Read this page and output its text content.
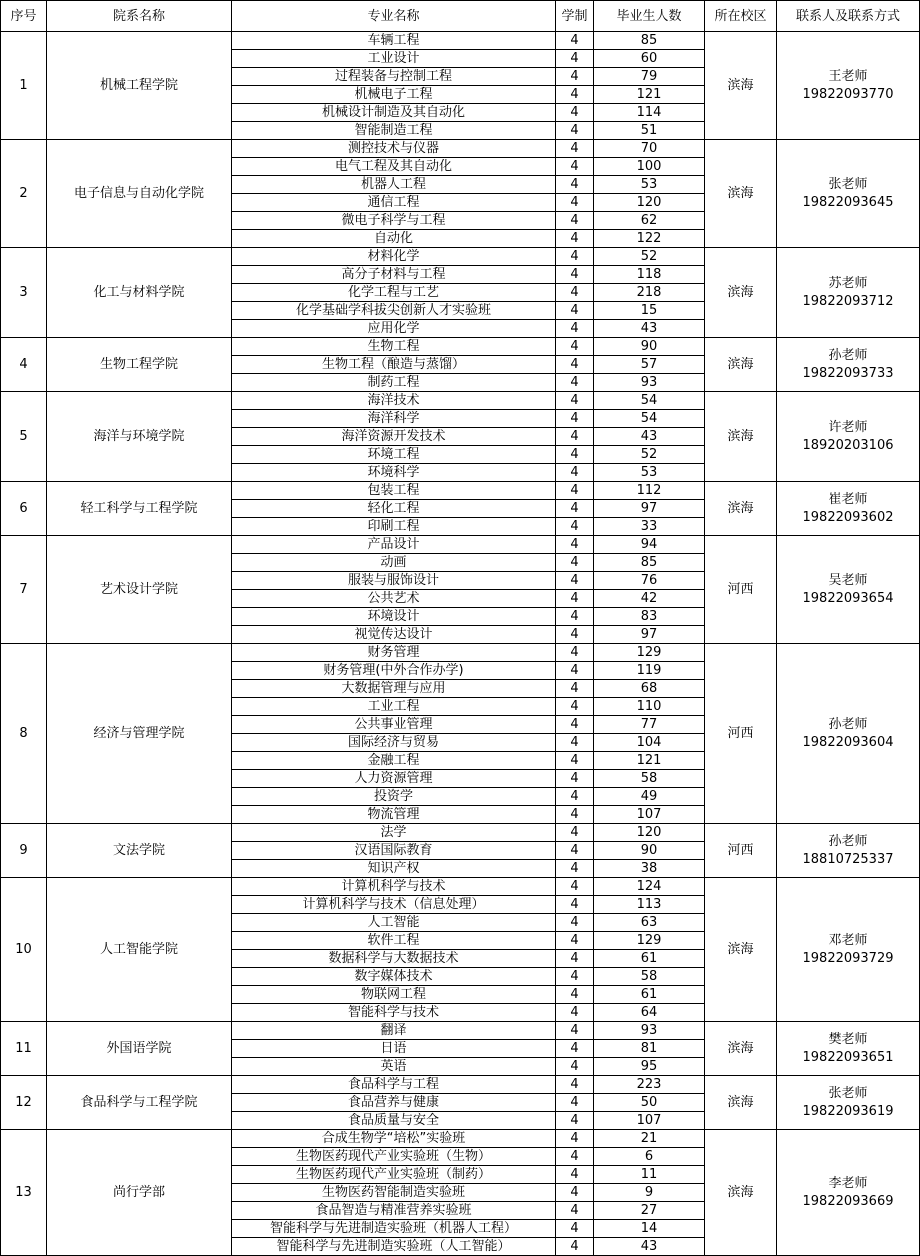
序号	院系名称	专业名称	学制	毕业生人数	所在校区	联系人及联系方式
1	机械工程学院	车辆工程	4	85	滨海	王老师
19822093770

		工业设计	4	60		
		过程装备与控制工程	4	79		
		机械电子工程	4	121		
		机械设计制造及其自动化	4	114		
		智能制造工程	4	51		
2	电子信息与自动化学院	测控技术与仪器	4	70	滨海	张老师
19822093645

		电气工程及其自动化	4	100		
		机器人工程	4	53		
		通信工程	4	120		
		微电子科学与工程	4	62		
		自动化	4	122		
3	化工与材料学院	材料化学	4	52	滨海	苏老师
19822093712

		高分子材料与工程	4	118		
		化学工程与工艺	4	218		
		化学基础学科拔尖创新人才实验班	4	15		
		应用化学	4	43		
4	生物工程学院	生物工程	4	90	滨海	孙老师
19822093733

		生物工程（酿造与蒸馏）	4	57		
		制药工程	4	93		
5	海洋与环境学院	海洋技术	4	54	滨海	许老师
18920203106

		海洋科学	4	54		
		海洋资源开发技术	4	43		
		环境工程	4	52		
		环境科学	4	53		
6	轻工科学与工程学院	包装工程	4	112	滨海	崔老师
19822093602

		轻化工程	4	97		
		印刷工程	4	33		
7	艺术设计学院	产品设计	4	94	河西	吴老师
19822093654

		动画	4	85		
		服装与服饰设计	4	76		
		公共艺术	4	42		
		环境设计	4	83		
		视觉传达设计	4	97		
8	经济与管理学院	财务管理	4	129	河西	孙老师
19822093604

		财务管理(中外合作办学)	4	119		
		大数据管理与应用	4	68		
		工业工程	4	110		
		公共事业管理	4	77		
		国际经济与贸易	4	104		
		金融工程	4	121		
		人力资源管理	4	58		
		投资学	4	49		
		物流管理	4	107		
9	文法学院	法学	4	120	河西	孙老师
18810725337

		汉语国际教育	4	90		
		知识产权	4	38		
10	人工智能学院	计算机科学与技术	4	124	滨海	邓老师
19822093729

		计算机科学与技术（信息处理）	4	113		
		人工智能	4	63		
		软件工程	4	129		
		数据科学与大数据技术	4	61		
		数字媒体技术	4	58		
		物联网工程	4	61		
		智能科学与技术	4	64		
11	外国语学院	翻译	4	93	滨海	樊老师
19822093651

		日语	4	81		
		英语	4	95		
12	食品科学与工程学院	食品科学与工程	4	223	滨海	张老师
19822093619

		食品营养与健康	4	50		
		食品质量与安全	4	107		
13	尚行学部	合成生物学“培松”实验班	4	21	滨海	李老师
19822093669

		生物医药现代产业实验班（生物）	4	6		
		生物医药现代产业实验班（制药）	4	11		
		生物医药智能制造实验班	4	9		
		食品智造与精准营养实验班	4	27		
		智能科学与先进制造实验班（机器人工程）	4	14		
		智能科学与先进制造实验班（人工智能）	4	43		
